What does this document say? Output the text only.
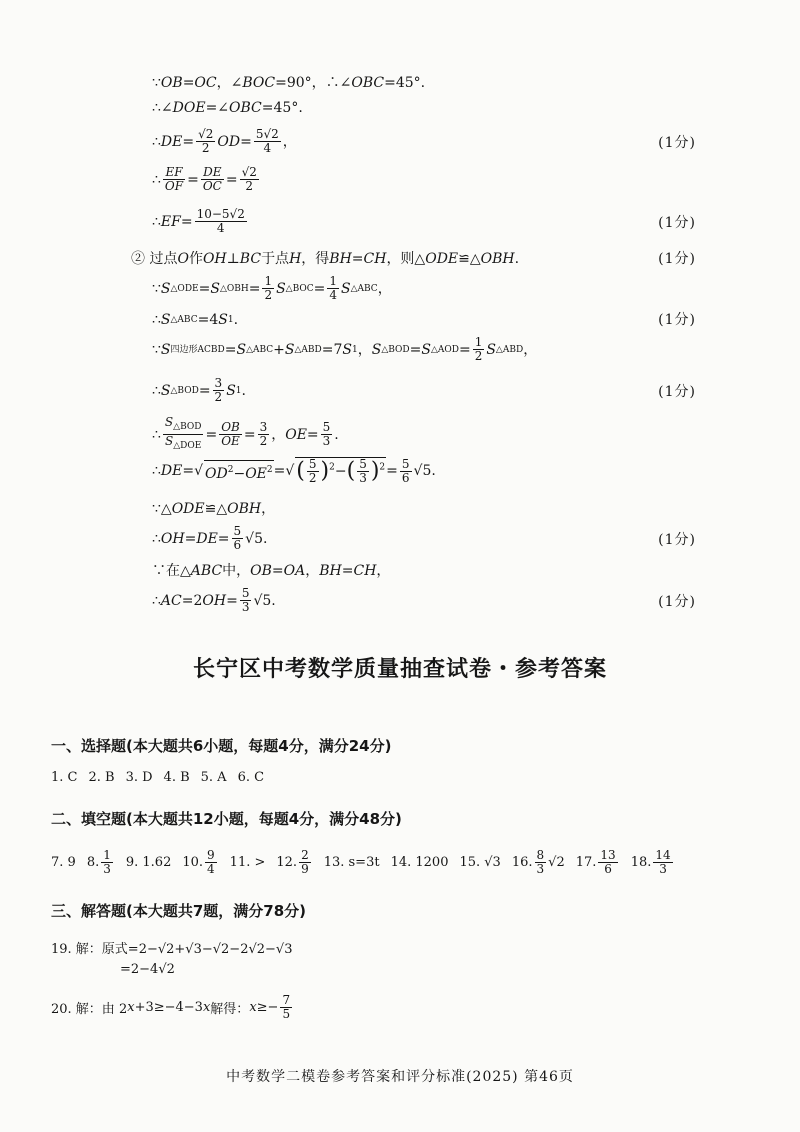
∵ OB = OC ，∠ BOC =90°，∴∠ OBC =45°.
∴∠ DOE =∠ OBC =45°.
∴ DE = $\frac{√2}{2}$ OD = $\frac{5√2}{4}$ ，	(1分)
∴ $\frac{EF}{OF} = \frac{DE}{OC} = \frac{√2}{2}$
∴ EF = $\frac{10-5√2}{4}$	(1分)
② 过点 O 作 OH ⊥ BC 于点 H ，得 BH = CH ，则△ ODE ≌△ OBH .	(1分)
∵ S △ODE = S △OBH = $\frac{1}{2}$ S △BOC = $\frac{1}{4}$ S △ABC ，
∴ S △ABC =4 S 1 .	(1分)
∵ S 四边形ACBD = S △ABC + S △ABD =7 S 1 ， S △BOD = S △AOD = $\frac{1}{2}$ S △ABD ，
∴ S △BOD = $\frac{3}{2}$ S 1 .	(1分)
∴ $\frac{S_{\triangle BOD}}{S_{\triangle DOE}} = \frac{OB}{OE} = \frac{3}{2}$ ， OE = $\frac{5}{3}$ .
∴ DE =√ $OD^2-OE^2$ =√ ( $\frac{5}{2} )^2-( \frac{5}{3} )^2 = \frac{5}{6} √5$.
∵△ ODE ≌△ OBH ，
∴ OH = DE = $\frac{5}{6} √5$.	(1分)
∵在△ ABC 中， OB = OA ， BH = CH ，
∴ AC =2 OH = $\frac{5}{3} √5$.	(1分)
长宁区中考数学质量抽查试卷・参考答案
一、选择题(本大题共6小题，每题4分，满分24分)
1. C 2. B 3. D 4. B 5. A 6. C
二、填空题(本大题共12小题，每题4分，满分48分)
7. 9 8. $\frac{1}{3} 9$. 1.62 10. $\frac{9}{4} 11$. > 12. $\frac{2}{9} 13$. s=3t 14. 1200 15. √3 16. $\frac{8}{3} √2$ 17. $\frac{13}{6} 18$. $\frac{14}{3}$
三、解答题(本大题共7题，满分78分)
19. 解：原式=2−√2+√3−√2−2√2−√3
=2−4√2
20. 解：由 2 x +3≥−4−3 x 解得： $x \ge- \frac{7}{5}$
中考数学二模卷参考答案和评分标准(2025) 第46页
